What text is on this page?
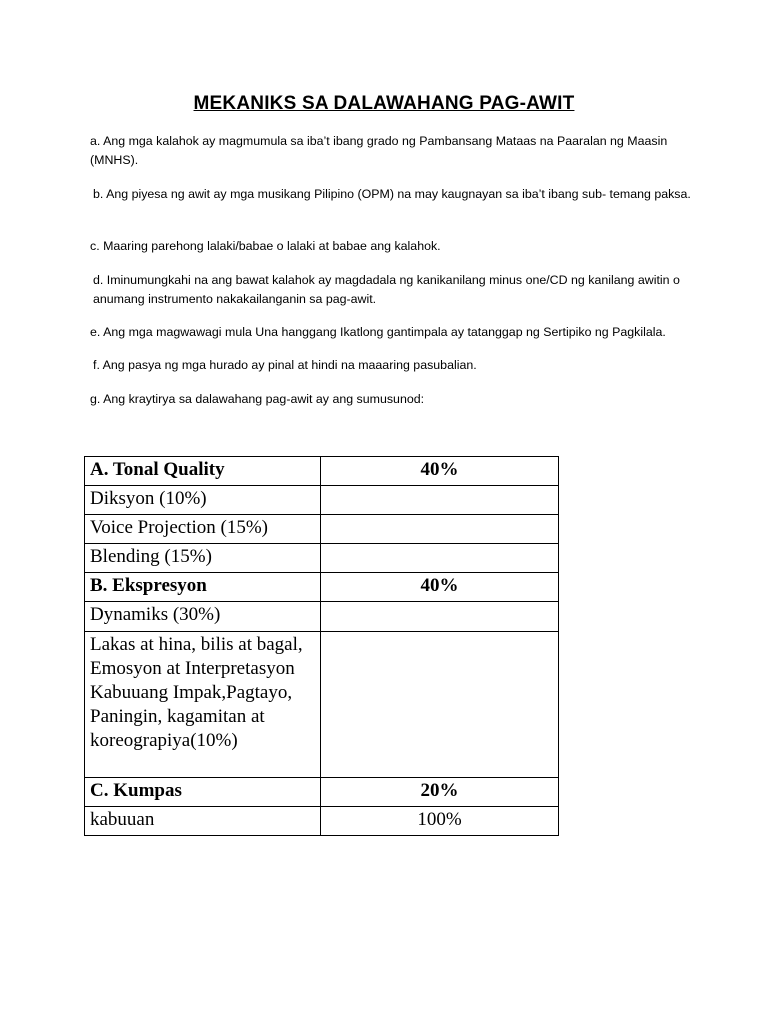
MEKANIKS SA DALAWAHANG PAG-AWIT

a. Ang mga kalahok ay magmumula sa iba’t ibang grado ng Pambansang Mataas na Paaralan ng Maasin (MNHS).

b. Ang piyesa ng awit ay mga musikang Pilipino (OPM) na may kaugnayan sa iba’t ibang sub- temang paksa.

c. Maaring parehong lalaki/babae o lalaki at babae ang kalahok.

d. Iminumungkahi na ang bawat kalahok ay magdadala ng kanikanilang minus one/CD ng kanilang awitin o anumang instrumento nakakailanganin sa pag-awit.

e. Ang mga magwawagi mula Una hanggang Ikatlong gantimpala ay tatanggap ng Sertipiko ng Pagkilala.

f. Ang pasya ng mga hurado ay pinal at hindi na maaaring pasubalian.

g. Ang kraytirya sa dalawahang pag-awit ay ang sumusunod:

A. Tonal Quality	40%
Diksyon (10%)	
Voice Projection (15%)	
Blending (15%)	
B. Ekspresyon	40%
Dynamiks (30%)	
Lakas at hina, bilis at bagal, Emosyon at Interpretasyon Kabuuang Impak,Pagtayo, Paningin, kagamitan at koreograpiya(10%)	
C. Kumpas	20%
kabuuan	100%
